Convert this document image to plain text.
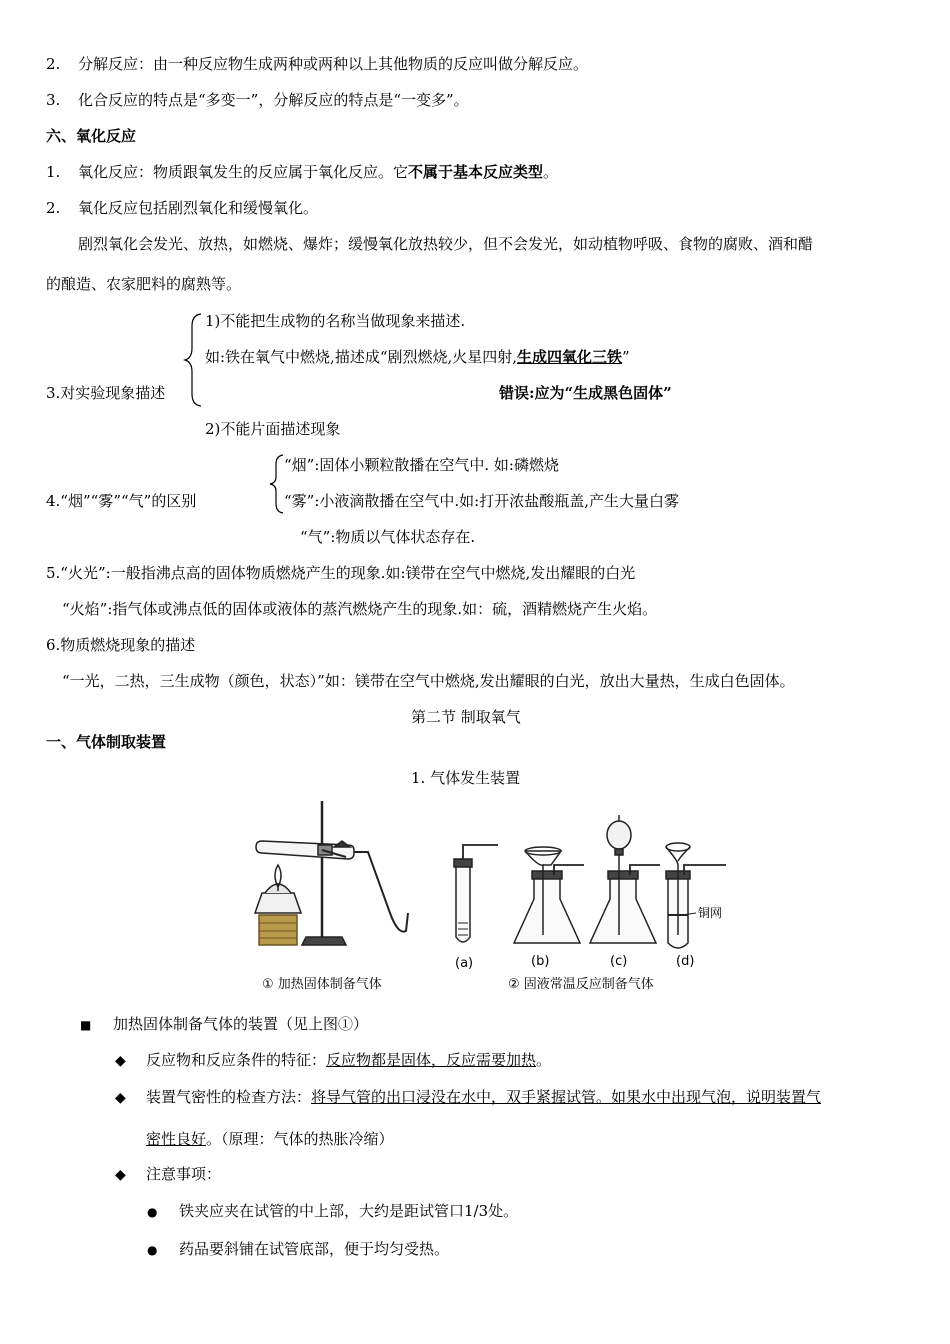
2. 分解反应：由一种反应物生成两种或两种以上其他物质的反应叫做分解反应。
3. 化合反应的特点是“多变一”，分解反应的特点是“一变多”。
六、氧化反应
1. 氧化反应：物质跟氧发生的反应属于氧化反应。它不属于基本反应类型。
2. 氧化反应包括剧烈氧化和缓慢氧化。
剧烈氧化会发光、放热，如燃烧、爆炸；缓慢氧化放热较少，但不会发光，如动植物呼吸、食物的腐败、酒和醋
的酿造、农家肥料的腐熟等。
3.对实验现象描述
1)不能把生成物的名称当做现象来描述.
如:铁在氧气中燃烧,描述成“剧烈燃烧,火星四射,生成四氧化三铁”
错误:应为“生成黑色固体”
2)不能片面描述现象
4.“烟”“雾”“气”的区别
“烟”:固体小颗粒散播在空气中. 如:磷燃烧
“雾”:小液滴散播在空气中.如:打开浓盐酸瓶盖,产生大量白雾
“气”:物质以气体状态存在.
5.“火光”:一般指沸点高的固体物质燃烧产生的现象.如:镁带在空气中燃烧,发出耀眼的白光
“火焰”:指气体或沸点低的固体或液体的蒸汽燃烧产生的现象.如：硫，酒精燃烧产生火焰。
6.物质燃烧现象的描述
“一光，二热，三生成物（颜色，状态）”如：镁带在空气中燃烧,发出耀眼的白光，放出大量热，生成白色固体。
第二节 制取氧气
一、气体制取装置
1. 气体发生装置
铜网
(a)	(b)	(c)	(d)
① 加热固体制备气体	② 固液常温反应制备气体
■	加热固体制备气体的装置（见上图①）
◆	反应物和反应条件的特征：反应物都是固体，反应需要加热。
◆	装置气密性的检查方法：将导气管的出口浸没在水中，双手紧握试管。如果水中出现气泡，说明装置气
密性良好。（原理：气体的热胀冷缩）
◆	注意事项：
●	铁夹应夹在试管的中上部，大约是距试管口1/3处。
●	药品要斜铺在试管底部，便于均匀受热。
